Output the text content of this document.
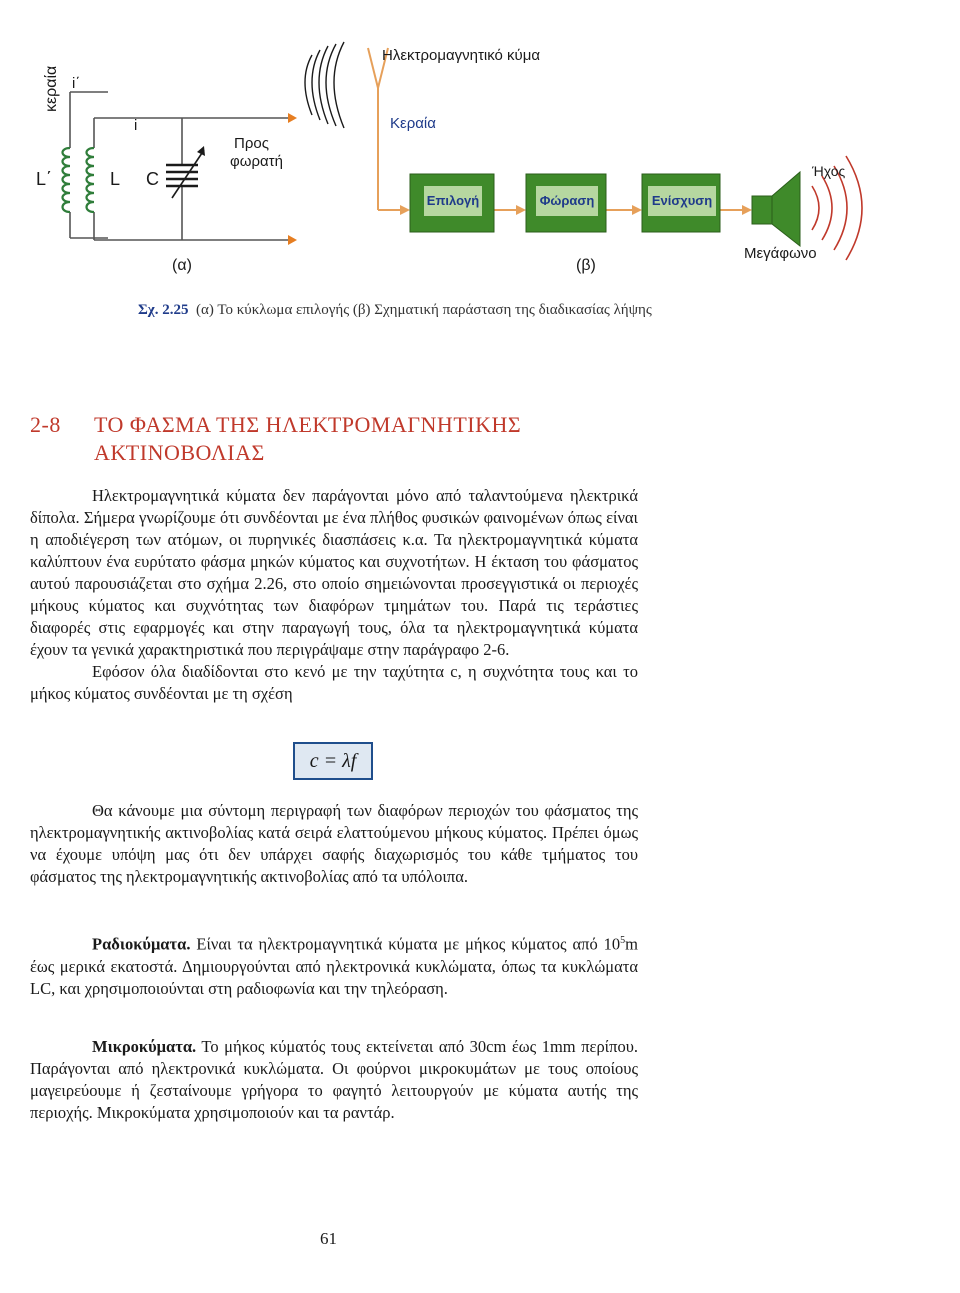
κεραία i΄
i
L΄	L C
Προς
φωρατή
(α)
Ηλεκτρομαγνητικό κύμα
Κεραία
Επιλογή	Φώραση	Ενίσχυση
Ήχος
Μεγάφωνο
(β)
Σχ. 2.25 (α) Το κύκλωμα επιλογής (β) Σχηματική παράσταση της διαδικασίας λήψης
2-8 ΤΟ ΦΑΣΜΑ ΤΗΣ ΗΛΕΚΤΡΟΜΑΓΝΗΤΙΚΗΣ
ΑΚΤΙΝΟΒΟΛΙΑΣ

Ηλεκτρομαγνητικά κύματα δεν παράγονται μόνο από ταλαντούμενα ηλεκτρικά δίπολα. Σήμερα γνωρίζουμε ότι συνδέονται με ένα πλήθος φυσικών φαινομένων όπως είναι η αποδιέγερση των ατόμων, οι πυρηνικές διασπάσεις κ.α. Τα ηλεκτρομαγνητικά κύματα καλύπτουν ένα ευρύτατο φάσμα μηκών κύματος και συχνοτήτων. Η έκταση του φάσματος αυτού παρουσιάζεται στο σχήμα 2.26, στο οποίο σημειώνονται προσεγγιστικά οι περιοχές μήκους κύματος και συχνότητας των διαφόρων τμημάτων του. Παρά τις τεράστιες διαφορές στις εφαρμογές και στην παραγωγή τους, όλα τα ηλεκτρομαγνητικά κύματα έχουν τα γενικά χαρακτηριστικά που περιγράψαμε στην παράγραφο 2-6.

Εφόσον όλα διαδίδονται στο κενό με την ταχύτητα c, η συχνότητα τους και το μήκος κύματος συνδέονται με τη σχέση

c = λf

Θα κάνουμε μια σύντομη περιγραφή των διαφόρων περιοχών του φάσματος της ηλεκτρομαγνητικής ακτινοβολίας κατά σειρά ελαττούμενου μήκους κύματος. Πρέπει όμως να έχουμε υπόψη μας ότι δεν υπάρχει σαφής διαχωρισμός του κάθε τμήματος του φάσματος της ηλεκτρομαγνητικής ακτινοβολίας από τα υπόλοιπα.

Ραδιοκύματα. Είναι τα ηλεκτρομαγνητικά κύματα με μήκος κύματος από $10^5m$ έως μερικά εκατοστά. Δημιουργούνται από ηλεκτρονικά κυκλώματα, όπως τα κυκλώματα LC, και χρησιμοποιούνται στη ραδιοφωνία και την τηλεόραση.

Μικροκύματα. Το μήκος κύματός τους εκτείνεται από 30cm έως 1mm περίπου. Παράγονται από ηλεκτρονικά κυκλώματα. Οι φούρνοι μικροκυμάτων με τους οποίους μαγειρεύουμε ή ζεσταίνουμε γρήγορα το φαγητό λειτουργούν με κύματα αυτής της περιοχής. Μικροκύματα χρησιμοποιούν και τα ραντάρ.

61
